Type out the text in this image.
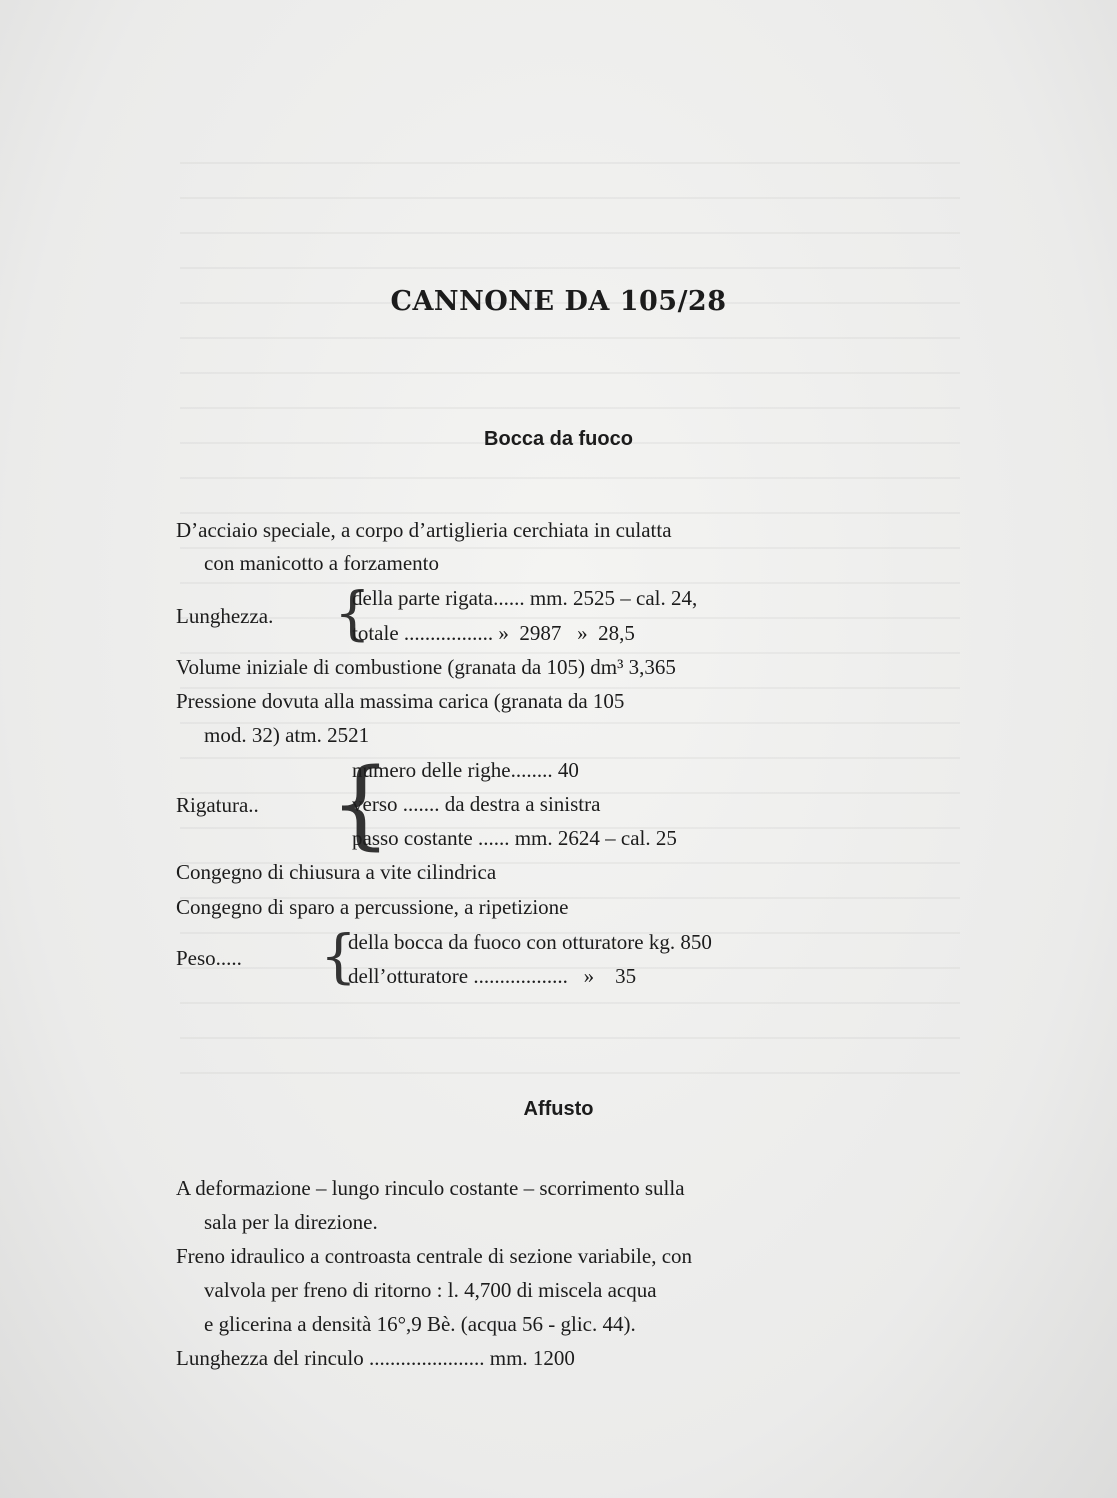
CANNONE DA 105/28
Bocca da fuoco
D’acciaio speciale, a corpo d’artiglieria cerchiata in culatta
con manicotto a forzamento
Lunghezza. {
della parte rigata...... mm. 2525 – cal. 24,
totale ................. »  2987   »  28,5
Volume iniziale di combustione (granata da 105) dm³ 3,365
Pressione dovuta alla massima carica (granata da 105
mod. 32) atm. 2521
Rigatura.. {
numero delle righe........ 40
verso ....... da destra a sinistra
passo costante ...... mm. 2624 – cal. 25
Congegno di chiusura a vite cilindrica
Congegno di sparo a percussione, a ripetizione
Peso..... {
della bocca da fuoco con otturatore kg. 850
dell’otturatore ..................   »    35
Affusto
A deformazione – lungo rinculo costante – scorrimento sulla
sala per la direzione.
Freno idraulico a controasta centrale di sezione variabile, con
valvola per freno di ritorno : l. 4,700 di miscela acqua
e glicerina a densità 16°,9 Bè. (acqua 56 - glic. 44).
Lunghezza del rinculo ...................... mm. 1200
